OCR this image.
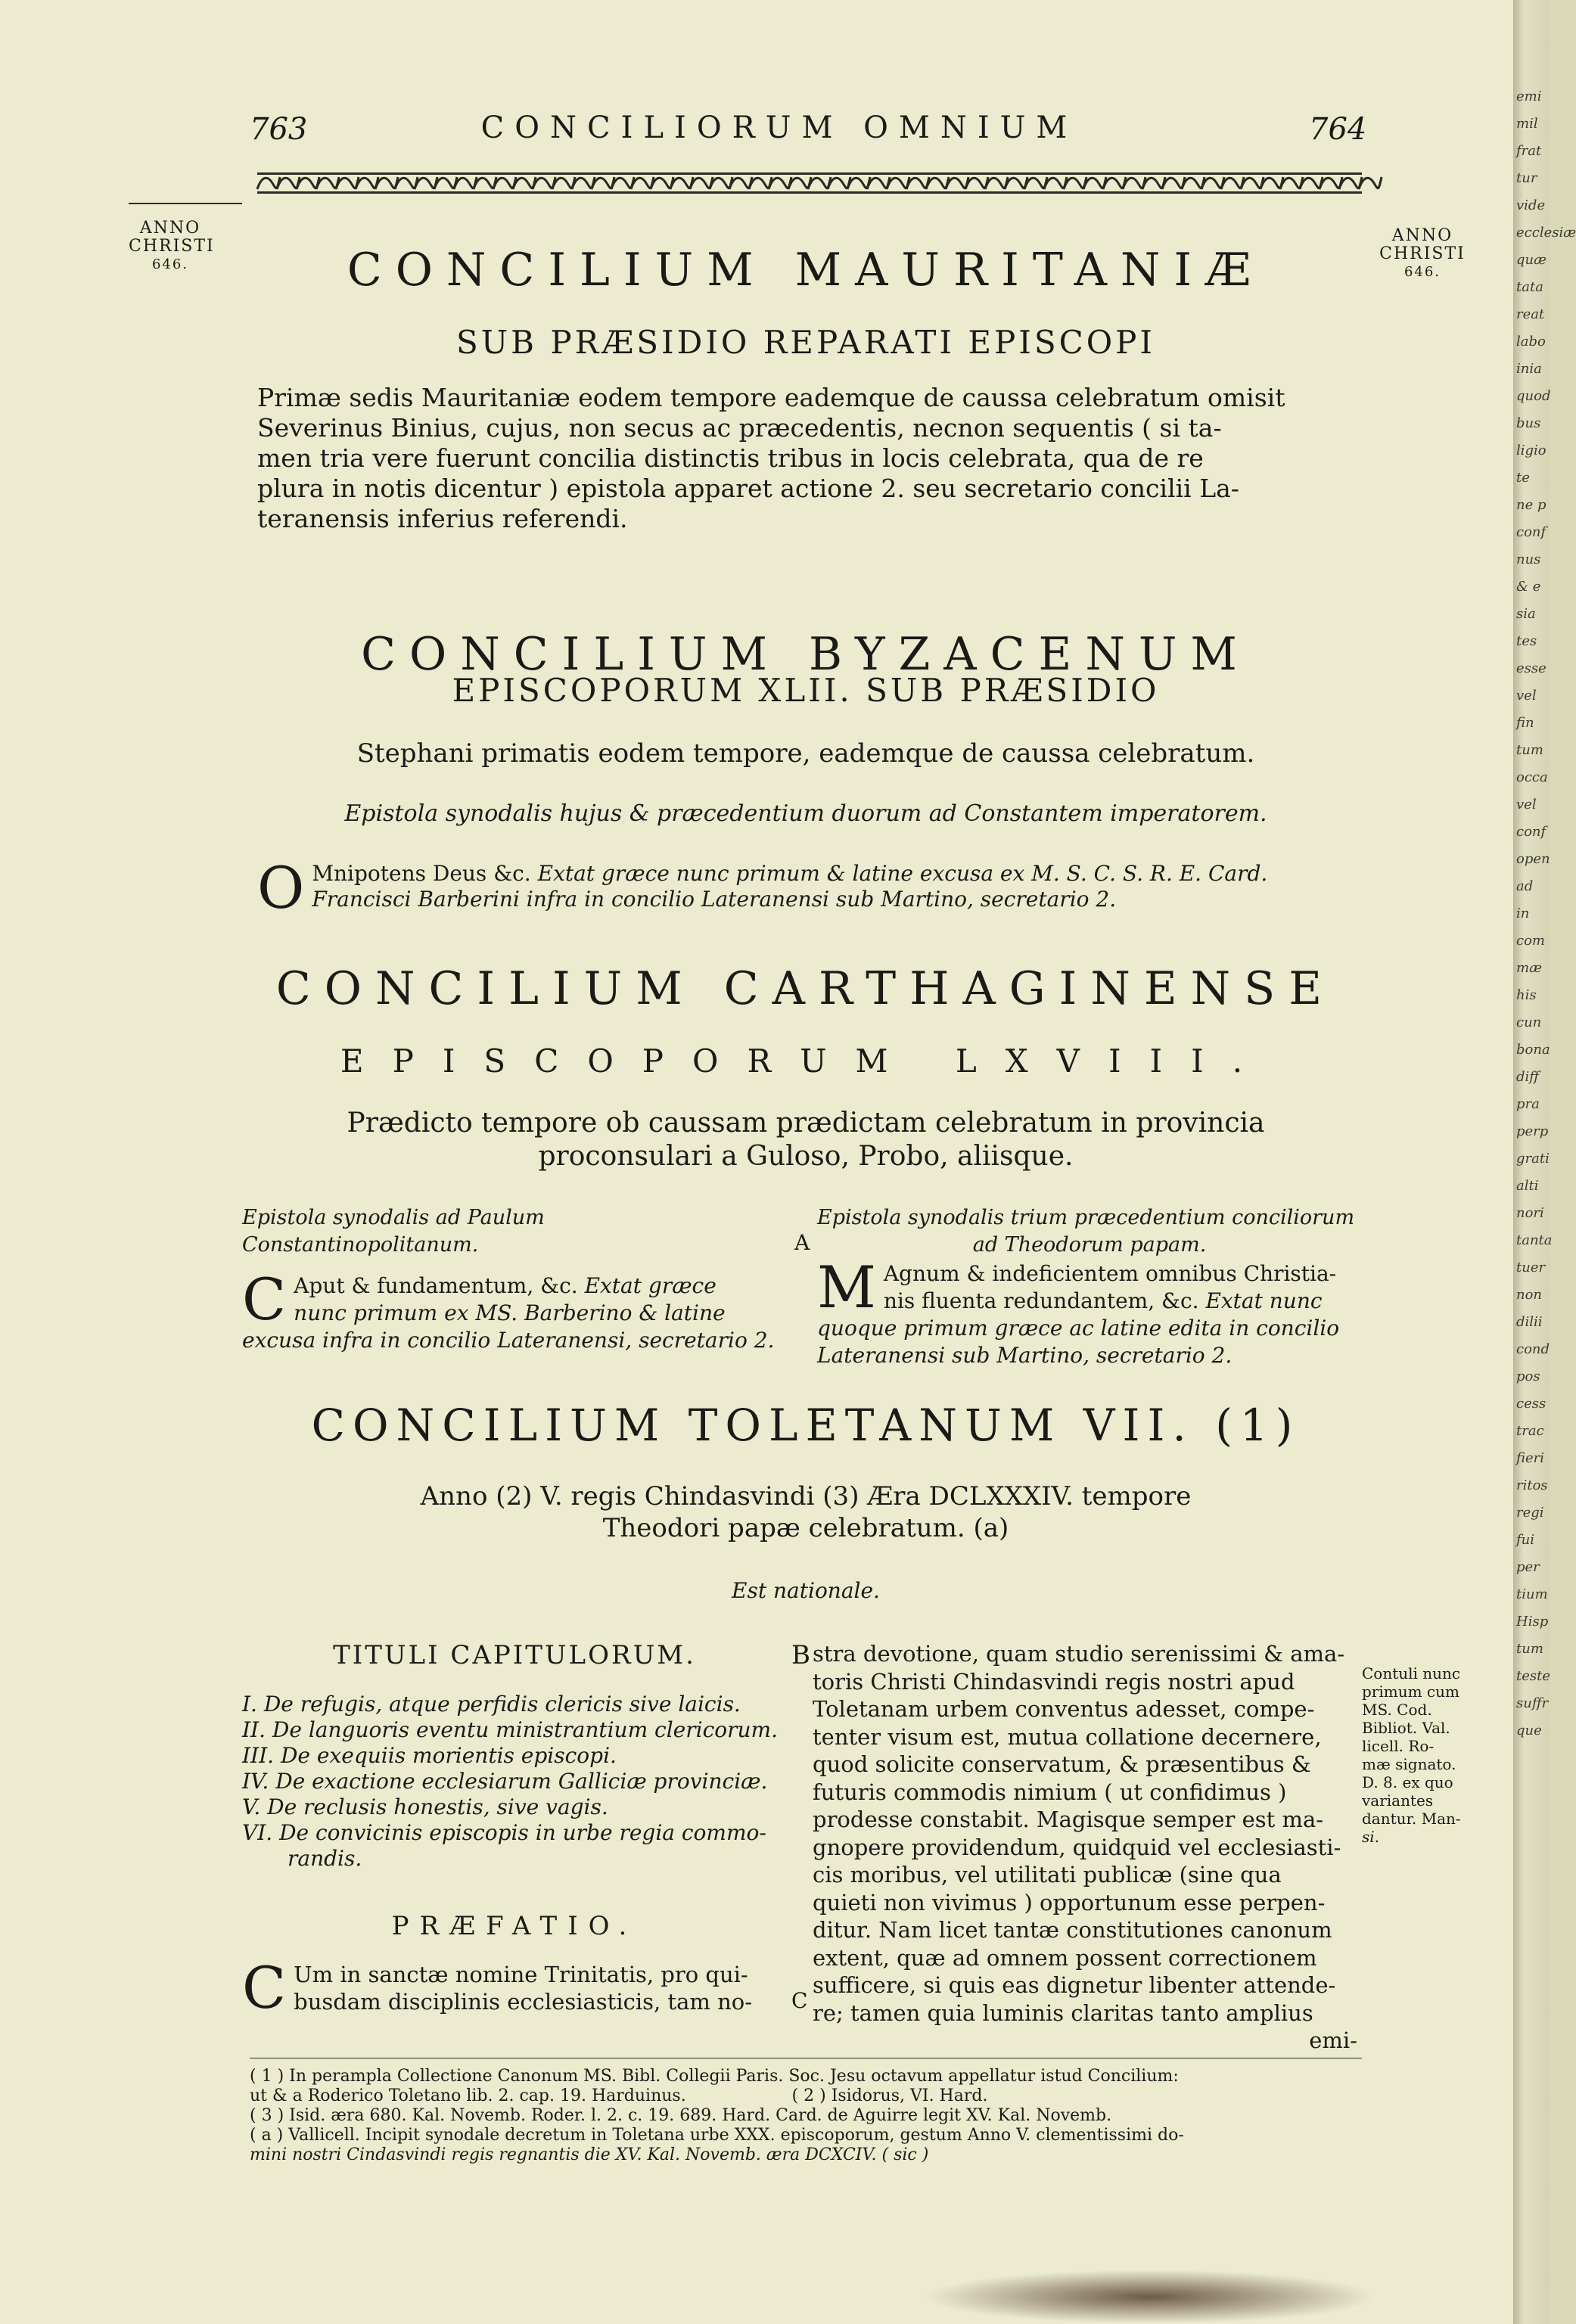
763	CONCILIORUM OMNIUM	764
ANNO
CHRISTI
646.
ANNO
CHRISTI
646.
CONCILIUM MAURITANIÆ
SUB PRÆSIDIO REPARATI EPISCOPI
Primæ sedis Mauritaniæ eodem tempore eademque de caussa celebratum omisit
Severinus Binius, cujus, non secus ac præcedentis, necnon sequentis ( si ta-
men tria vere fuerunt concilia distinctis tribus in locis celebrata, qua de re
plura in notis dicentur ) epistola apparet actione 2. seu secretario concilii La-
teranensis inferius referendi.
CONCILIUM BYZACENUM
EPISCOPORUM XLII. SUB PRÆSIDIO
Stephani primatis eodem tempore, eademque de caussa celebratum.
Epistola synodalis hujus & præcedentium duorum ad Constantem imperatorem.
O Mnipotens Deus &c. Extat græce nunc primum & latine excusa ex M. S. C. S. R. E. Card.
Francisci Barberini infra in concilio Lateranensi sub Martino, secretario 2.
CONCILIUM CARTHAGINENSE
EPISCOPORUM LXVIII.
Prædicto tempore ob caussam prædictam celebratum in provincia
proconsulari a Guloso, Probo, aliisque.
Epistola synodalis ad Paulum Constantinopolitanum.
C Aput & fundamentum, &c. Extat græce
nunc primum ex MS. Barberino & latine
excusa infra in concilio Lateranensi, secretario 2.
A
Epistola synodalis trium præcedentium conciliorum
ad Theodorum papam.
M Agnum & indeficientem omnibus Christia-
nis fluenta redundantem, &c. Extat nunc
quoque primum græce ac latine edita in concilio
Lateranensi sub Martino, secretario 2.
CONCILIUM TOLETANUM VII. (1)
Anno (2) V. regis Chindasvindi (3) Æra DCLXXXIV. tempore
Theodori papæ celebratum. (a)
Est nationale.
TITULI CAPITULORUM.
I. De refugis, atque perfidis clericis sive laicis.
II. De languoris eventu ministrantium clericorum.
III. De exequiis morientis episcopi.
IV. De exactione ecclesiarum Galliciæ provinciæ.
V. De reclusis honestis, sive vagis.
VI. De convicinis episcopis in urbe regia commo-
randis.
PRÆFATIO.
C Um in sanctæ nomine Trinitatis, pro qui-
busdam disciplinis ecclesiasticis, tam no-
B
C
stra devotione, quam studio serenissimi & ama-
toris Christi Chindasvindi regis nostri apud
Toletanam urbem conventus adesset, compe-
tenter visum est, mutua collatione decernere,
quod solicite conservatum, & præsentibus &
futuris commodis nimium ( ut confidimus )
prodesse constabit. Magisque semper est ma-
gnopere providendum, quidquid vel ecclesiasti-
cis moribus, vel utilitati publicæ (sine qua
quieti non vivimus ) opportunum esse perpen-
ditur. Nam licet tantæ constitutiones canonum
extent, quæ ad omnem possent correctionem
sufficere, si quis eas dignetur libenter attende-
re; tamen quia luminis claritas tanto amplius
emi-
Contuli nunc
primum cum
MS. Cod.
Bibliot. Val.
licell. Ro-
mæ signato.
D. 8. ex quo
variantes
dantur. Man-
si.
( 1 ) In perampla Collectione Canonum MS. Bibl. Collegii Paris. Soc. Jesu octavum appellatur istud Concilium:
ut & a Roderico Toletano lib. 2. cap. 19. Harduinus.                    ( 2 ) Isidorus, VI. Hard.
( 3 ) Isid. æra 680. Kal. Novemb. Roder. l. 2. c. 19. 689. Hard. Card. de Aguirre legit XV. Kal. Novemb.
( a ) Vallicell. Incipit synodale decretum in Toletana urbe XXX. episcoporum, gestum Anno V. clementissimi do-
mini nostri Cindasvindi regis regnantis die XV. Kal. Novemb. æra DCXCIV. ( sic )
emi
mil
frat
tur
vide
ecclesiæ
quæ
tata
reat
labo
inia
quod
bus
ligio
te
ne p
conf
nus
& e
sia
tes
esse
vel
fin
tum
occa
vel
conf
open
ad
in
com
mæ
his
cun
bona
diff
pra
perp
grati
alti
nori
tanta
tuer
non
dilii
cond
pos
cess
trac
fieri
ritos
regi
fui
per
tium
Hisp
tum
teste
suffr
que
